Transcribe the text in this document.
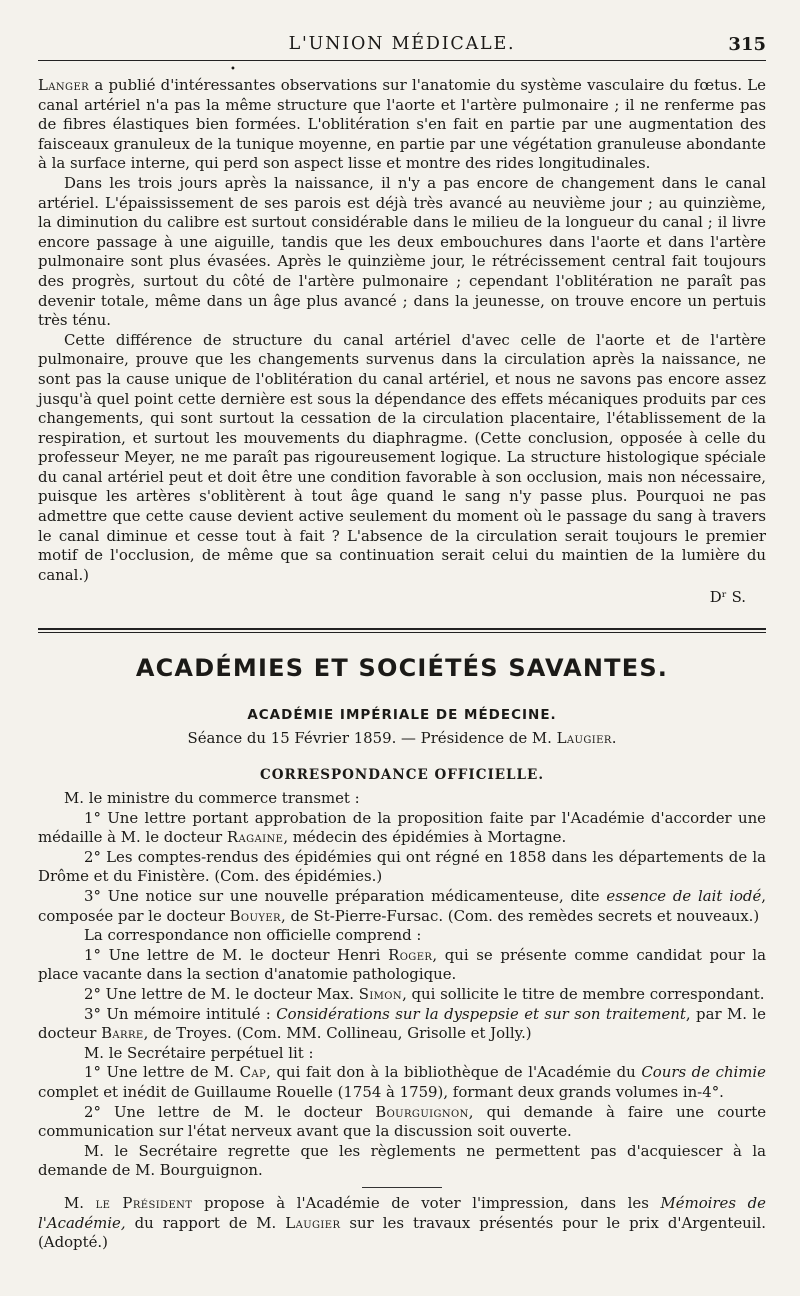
L'UNION MÉDICALE.	315
•

Langer a publié d'intéressantes observations sur l'anatomie du système vasculaire du fœtus. Le canal artériel n'a pas la même structure que l'aorte et l'artère pulmonaire ; il ne renferme pas de fibres élastiques bien formées. L'oblitération s'en fait en partie par une augmentation des faisceaux granuleux de la tunique moyenne, en partie par une végétation granuleuse abondante à la surface interne, qui perd son aspect lisse et montre des rides longitudinales.

Dans les trois jours après la naissance, il n'y a pas encore de changement dans le canal artériel. L'épaississement de ses parois est déjà très avancé au neuvième jour ; au quinzième, la diminution du calibre est surtout considérable dans le milieu de la longueur du canal ; il livre encore passage à une aiguille, tandis que les deux embouchures dans l'aorte et dans l'artère pulmonaire sont plus évasées. Après le quinzième jour, le rétrécissement central fait toujours des progrès, surtout du côté de l'artère pulmonaire ; cependant l'oblitération ne paraît pas devenir totale, même dans un âge plus avancé ; dans la jeunesse, on trouve encore un pertuis très ténu.

Cette différence de structure du canal artériel d'avec celle de l'aorte et de l'artère pulmonaire, prouve que les changements survenus dans la circulation après la naissance, ne sont pas la cause unique de l'oblitération du canal artériel, et nous ne savons pas encore assez jusqu'à quel point cette dernière est sous la dépendance des effets mécaniques produits par ces changements, qui sont surtout la cessation de la circulation placentaire, l'établissement de la respiration, et surtout les mouvements du diaphragme. (Cette conclusion, opposée à celle du professeur Meyer, ne me paraît pas rigoureusement logique. La structure histologique spéciale du canal artériel peut et doit être une condition favorable à son occlusion, mais non nécessaire, puisque les artères s'oblitèrent à tout âge quand le sang n'y passe plus. Pourquoi ne pas admettre que cette cause devient active seulement du moment où le passage du sang à travers le canal diminue et cesse tout à fait ? L'absence de la circulation serait toujours le premier motif de l'occlusion, de même que sa continuation serait celui du maintien de la lumière du canal.)

Dʳ S.
ACADÉMIES ET SOCIÉTÉS SAVANTES.
ACADÉMIE IMPÉRIALE DE MÉDECINE.
Séance du 15 Février 1859. — Présidence de M. Laugier.
CORRESPONDANCE OFFICIELLE.

M. le ministre du commerce transmet :

1° Une lettre portant approbation de la proposition faite par l'Académie d'accorder une médaille à M. le docteur Ragaine, médecin des épidémies à Mortagne.

2° Les comptes-rendus des épidémies qui ont régné en 1858 dans les départements de la Drôme et du Finistère. (Com. des épidémies.)

3° Une notice sur une nouvelle préparation médicamenteuse, dite essence de lait iodé, composée par le docteur Bouyer, de St-Pierre-Fursac. (Com. des remèdes secrets et nouveaux.)

La correspondance non officielle comprend :

1° Une lettre de M. le docteur Henri Roger, qui se présente comme candidat pour la place vacante dans la section d'anatomie pathologique.

2° Une lettre de M. le docteur Max. Simon, qui sollicite le titre de membre correspondant.

3° Un mémoire intitulé : Considérations sur la dyspepsie et sur son traitement, par M. le docteur Barre, de Troyes. (Com. MM. Collineau, Grisolle et Jolly.)

M. le Secrétaire perpétuel lit :

1° Une lettre de M. Cap, qui fait don à la bibliothèque de l'Académie du Cours de chimie complet et inédit de Guillaume Rouelle (1754 à 1759), formant deux grands volumes in-4°.

2° Une lettre de M. le docteur Bourguignon, qui demande à faire une courte communication sur l'état nerveux avant que la discussion soit ouverte.

M. le Secrétaire regrette que les règlements ne permettent pas d'acquiescer à la demande de M. Bourguignon.

M. le Président propose à l'Académie de voter l'impression, dans les Mémoires de l'Académie, du rapport de M. Laugier sur les travaux présentés pour le prix d'Argenteuil. (Adopté.)
